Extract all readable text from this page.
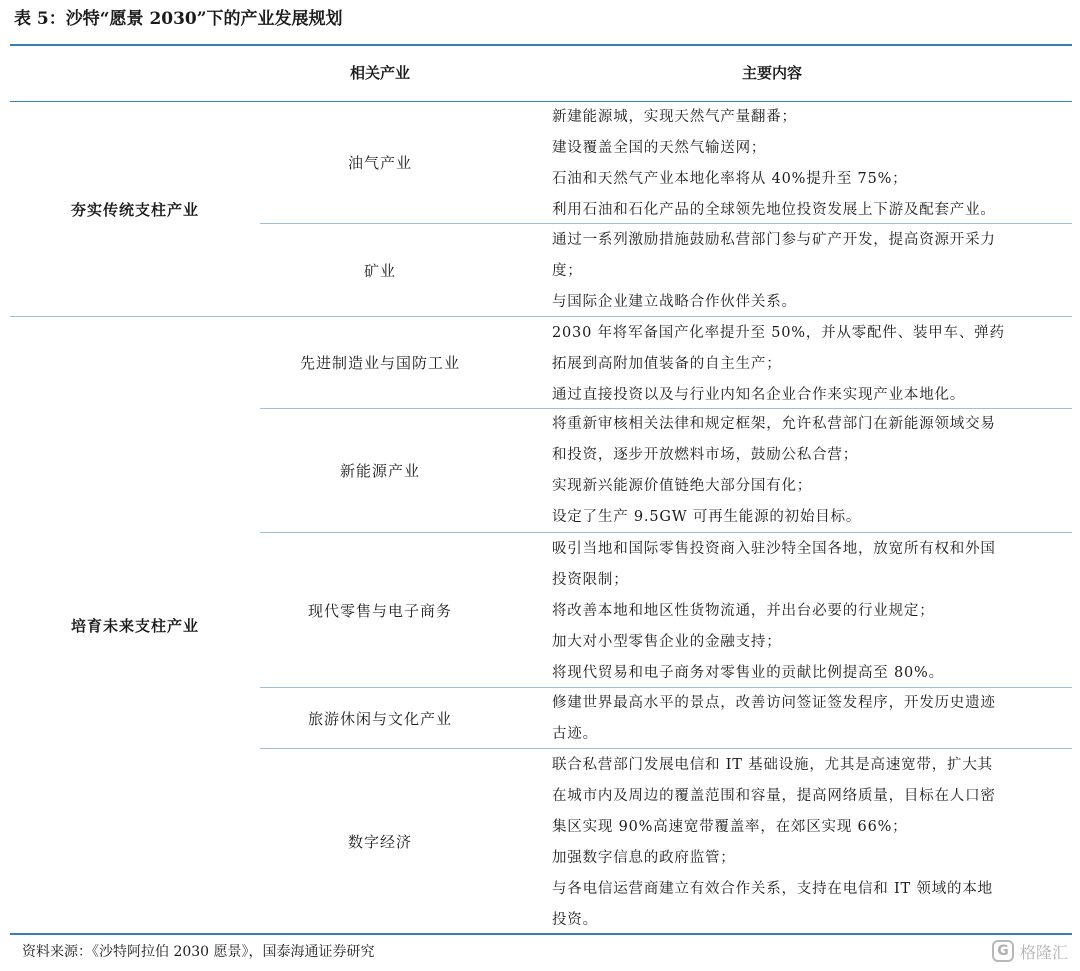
表 5：沙特“愿景 2030”下的产业发展规划
相关产业	主要内容
夯实传统支柱产业
培育未来支柱产业
油气产业
新建能源城，实现天然气产量翻番；
建设覆盖全国的天然气输送网；
石油和天然气产业本地化率将从 40%提升至 75%；
利用石油和石化产品的全球领先地位投资发展上下游及配套产业。
矿业
通过一系列激励措施鼓励私营部门参与矿产开发，提高资源开采力
度；
与国际企业建立战略合作伙伴关系。
先进制造业与国防工业
2030 年将军备国产化率提升至 50%，并从零配件、装甲车、弹药
拓展到高附加值装备的自主生产；
通过直接投资以及与行业内知名企业合作来实现产业本地化。
新能源产业
将重新审核相关法律和规定框架，允许私营部门在新能源领域交易
和投资，逐步开放燃料市场，鼓励公私合营；
实现新兴能源价值链绝大部分国有化；
设定了生产 9.5GW 可再生能源的初始目标。
现代零售与电子商务
吸引当地和国际零售投资商入驻沙特全国各地，放宽所有权和外国
投资限制；
将改善本地和地区性货物流通，并出台必要的行业规定；
加大对小型零售企业的金融支持；
将现代贸易和电子商务对零售业的贡献比例提高至 80%。
旅游休闲与文化产业
修建世界最高水平的景点，改善访问签证签发程序，开发历史遗迹
古迹。
数字经济
联合私营部门发展电信和 IT 基础设施，尤其是高速宽带，扩大其
在城市内及周边的覆盖范围和容量，提高网络质量，目标在人口密
集区实现 90%高速宽带覆盖率，在郊区实现 66%；
加强数字信息的政府监管；
与各电信运营商建立有效合作关系，支持在电信和 IT 领域的本地
投资。
资料来源：《沙特阿拉伯 2030 愿景》，国泰海通证券研究	G 格隆汇
